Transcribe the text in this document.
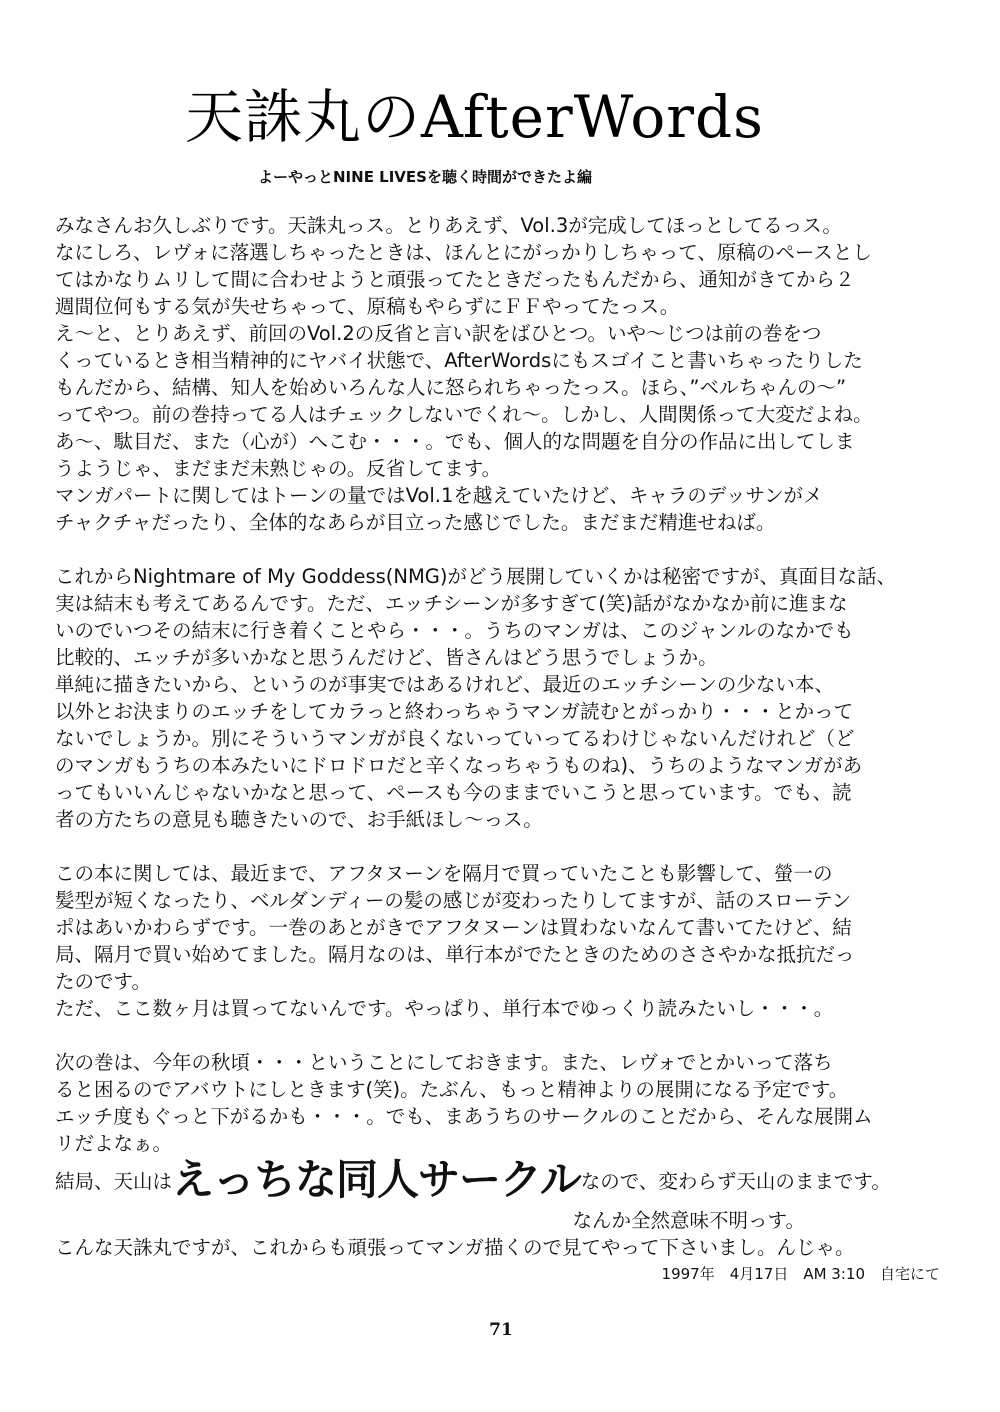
天誅丸のAfterWords
よーやっとNINE LIVESを聴く時間ができたよ編
みなさんお久しぶりです。天誅丸っス。とりあえず、Vol.3が完成してほっとしてるっス。
なにしろ、レヴォに落選しちゃったときは、ほんとにがっかりしちゃって、原稿のペースとし
てはかなりムリして間に合わせようと頑張ってたときだったもんだから、通知がきてから２
週間位何もする気が失せちゃって、原稿もやらずにＦＦやってたっス。
え～と、とりあえず、前回のVol.2の反省と言い訳をばひとつ。いや～じつは前の巻をつ
くっているとき相当精神的にヤバイ状態で、AfterWordsにもスゴイこと書いちゃったりした
もんだから、結構、知人を始めいろんな人に怒られちゃったっス。ほら、”ベルちゃんの～”
ってやつ。前の巻持ってる人はチェックしないでくれ～。しかし、人間関係って大変だよね。
あ～、駄目だ、また（心が）へこむ・・・。でも、個人的な問題を自分の作品に出してしま
うようじゃ、まだまだ未熟じゃの。反省してます。
マンガパートに関してはトーンの量ではVol.1を越えていたけど、キャラのデッサンがメ
チャクチャだったり、全体的なあらが目立った感じでした。まだまだ精進せねば。
これからNightmare of My Goddess(NMG)がどう展開していくかは秘密ですが、真面目な話、
実は結末も考えてあるんです。ただ、エッチシーンが多すぎて(笑)話がなかなか前に進まな
いのでいつその結末に行き着くことやら・・・。うちのマンガは、このジャンルのなかでも
比較的、エッチが多いかなと思うんだけど、皆さんはどう思うでしょうか。
単純に描きたいから、というのが事実ではあるけれど、最近のエッチシーンの少ない本、
以外とお決まりのエッチをしてカラっと終わっちゃうマンガ読むとがっかり・・・とかって
ないでしょうか。別にそういうマンガが良くないっていってるわけじゃないんだけれど（ど
のマンガもうちの本みたいにドロドロだと辛くなっちゃうものね)、うちのようなマンガがあ
ってもいいんじゃないかなと思って、ペースも今のままでいこうと思っています。でも、読
者の方たちの意見も聴きたいので、お手紙ほし～っス。
この本に関しては、最近まで、アフタヌーンを隔月で買っていたことも影響して、螢一の
髪型が短くなったり、ベルダンディーの髪の感じが変わったりしてますが、話のスローテン
ポはあいかわらずです。一巻のあとがきでアフタヌーンは買わないなんて書いてたけど、結
局、隔月で買い始めてました。隔月なのは、単行本がでたときのためのささやかな抵抗だっ
たのです。
ただ、ここ数ヶ月は買ってないんです。やっぱり、単行本でゆっくり読みたいし・・・。
次の巻は、今年の秋頃・・・ということにしておきます。また、レヴォでとかいって落ち
ると困るのでアバウトにしときます(笑)。たぶん、もっと精神よりの展開になる予定です。
エッチ度もぐっと下がるかも・・・。でも、まあうちのサークルのことだから、そんな展開ム
リだよなぁ。
結局、天山はえっちな同人サークルなので、変わらず天山のままです。
なんか全然意味不明っす。
こんな天誅丸ですが、これからも頑張ってマンガ描くので見てやって下さいまし。んじゃ。
1997年　4月17日　AM 3:10　自宅にて
71
